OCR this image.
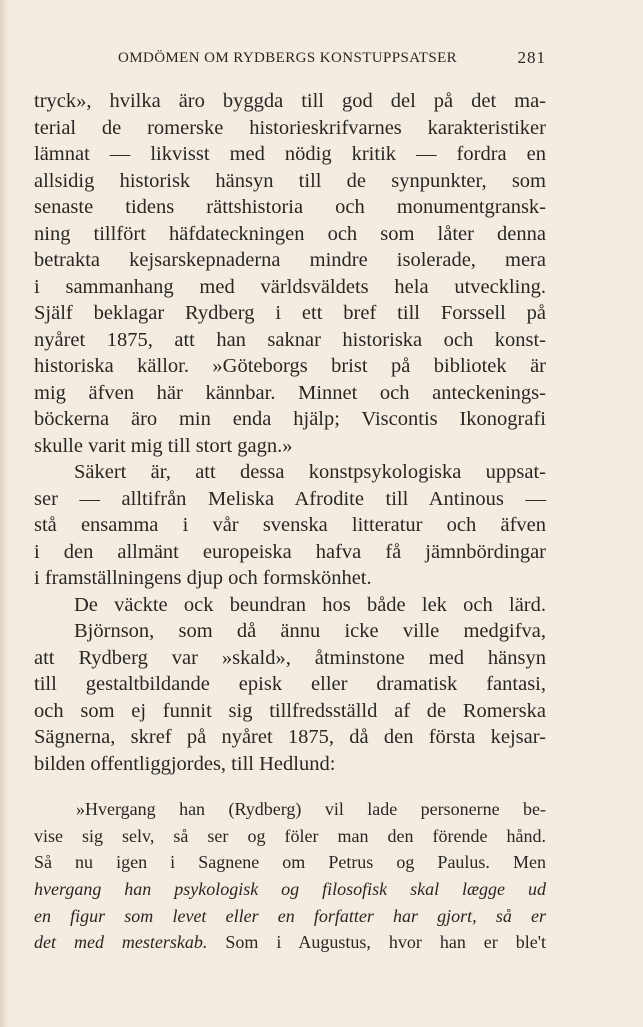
OMDÖMEN OM RYDBERGS KONSTUPPSATSER	281
tryck», hvilka äro byggda till god del på det ma-
terial de romerske historieskrifvarnes karakteristiker
lämnat — likvisst med nödig kritik — fordra en
allsidig historisk hänsyn till de synpunkter, som
senaste tidens rättshistoria och monumentgransk-
ning tillfört häfdateckningen och som låter denna
betrakta kejsarskepnaderna mindre isolerade, mera
i sammanhang med världsväldets hela utveckling.
Själf beklagar Rydberg i ett bref till Forssell på
nyåret 1875, att han saknar historiska och konst-
historiska källor. »Göteborgs brist på bibliotek är
mig äfven här kännbar. Minnet och anteckenings-
böckerna äro min enda hjälp; Viscontis Ikonografi
skulle varit mig till stort gagn.»
Säkert är, att dessa konstpsykologiska uppsat-
ser — alltifrån Meliska Afrodite till Antinous —
stå ensamma i vår svenska litteratur och äfven
i den allmänt europeiska hafva få jämnbördingar
i framställningens djup och formskönhet.
De väckte ock beundran hos både lek och lärd.
Björnson, som då ännu icke ville medgifva,
att Rydberg var »skald», åtminstone med hänsyn
till gestaltbildande episk eller dramatisk fantasi,
och som ej funnit sig tillfredsställd af de Romerska
Sägnerna, skref på nyåret 1875, då den första kejsar-
bilden offentliggjordes, till Hedlund:
»Hvergang han (Rydberg) vil lade personerne be-
vise sig selv, så ser og föler man den förende hånd.
Så nu igen i Sagnene om Petrus og Paulus. Men
hvergang han psykologisk og filosofisk skal lægge ud
en figur som levet eller en forfatter har gjort, så er
det med mesterskab. Som i Augustus, hvor han er ble't
